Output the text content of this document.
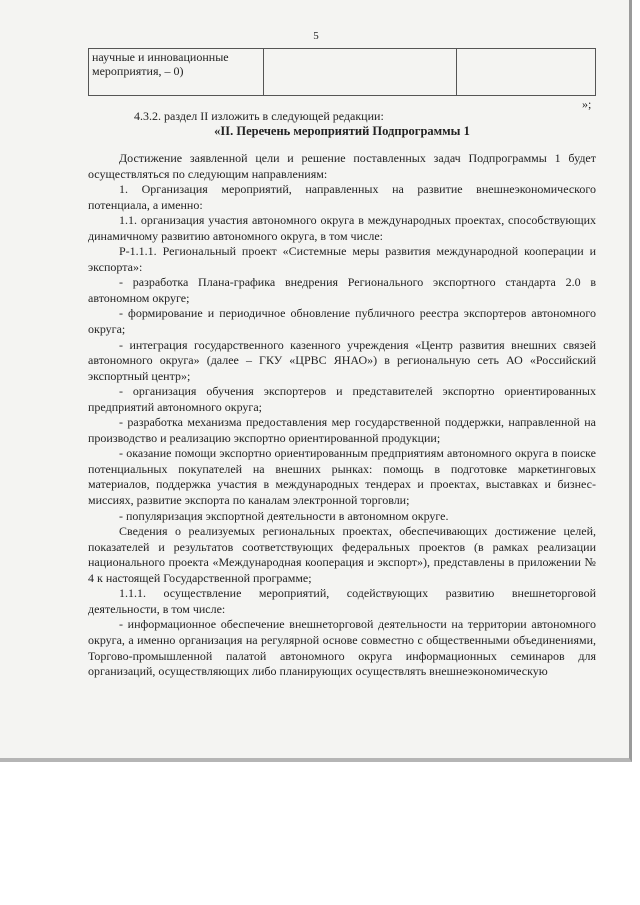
5
научные и инновационные мероприятия, – 0)		
»;
4.3.2. раздел II изложить в следующей редакции:
«II. Перечень мероприятий Подпрограммы 1

Достижение заявленной цели и решение поставленных задач Подпрограммы 1 будет осуществляться по следующим направлениям:

1. Организация мероприятий, направленных на развитие внешнеэкономического потенциала, а именно:

1.1. организация участия автономного округа в международных проектах, способствующих динамичному развитию автономного округа, в том числе:

Р-1.1.1. Региональный проект «Системные меры развития международной кооперации и экспорта»:

- разработка Плана-графика внедрения Регионального экспортного стандарта 2.0 в автономном округе;

- формирование и периодичное обновление публичного реестра экспортеров автономного округа;

- интеграция государственного казенного учреждения «Центр развития внешних связей автономного округа» (далее – ГКУ «ЦРВС ЯНАО») в региональную сеть АО «Российский экспортный центр»;

- организация обучения экспортеров и представителей экспортно ориентированных предприятий автономного округа;

- разработка механизма предоставления мер государственной поддержки, направленной на производство и реализацию экспортно ориентированной продукции;

- оказание помощи экспортно ориентированным предприятиям автономного округа в поиске потенциальных покупателей на внешних рынках: помощь в подготовке маркетинговых материалов, поддержка участия в международных тендерах и проектах, выставках и бизнес-миссиях, развитие экспорта по каналам электронной торговли;

- популяризация экспортной деятельности в автономном округе.

Сведения о реализуемых региональных проектах, обеспечивающих достижение целей, показателей и результатов соответствующих федеральных проектов (в рамках реализации национального проекта «Международная кооперация и экспорт»), представлены в приложении № 4 к настоящей Государственной программе;

1.1.1. осуществление мероприятий, содействующих развитию внешнеторговой деятельности, в том числе:

- информационное обеспечение внешнеторговой деятельности на территории автономного округа, а именно организация на регулярной основе совместно с общественными объединениями, Торгово-промышленной палатой автономного округа информационных семинаров для организаций, осуществляющих либо планирующих осуществлять внешнеэкономическую
